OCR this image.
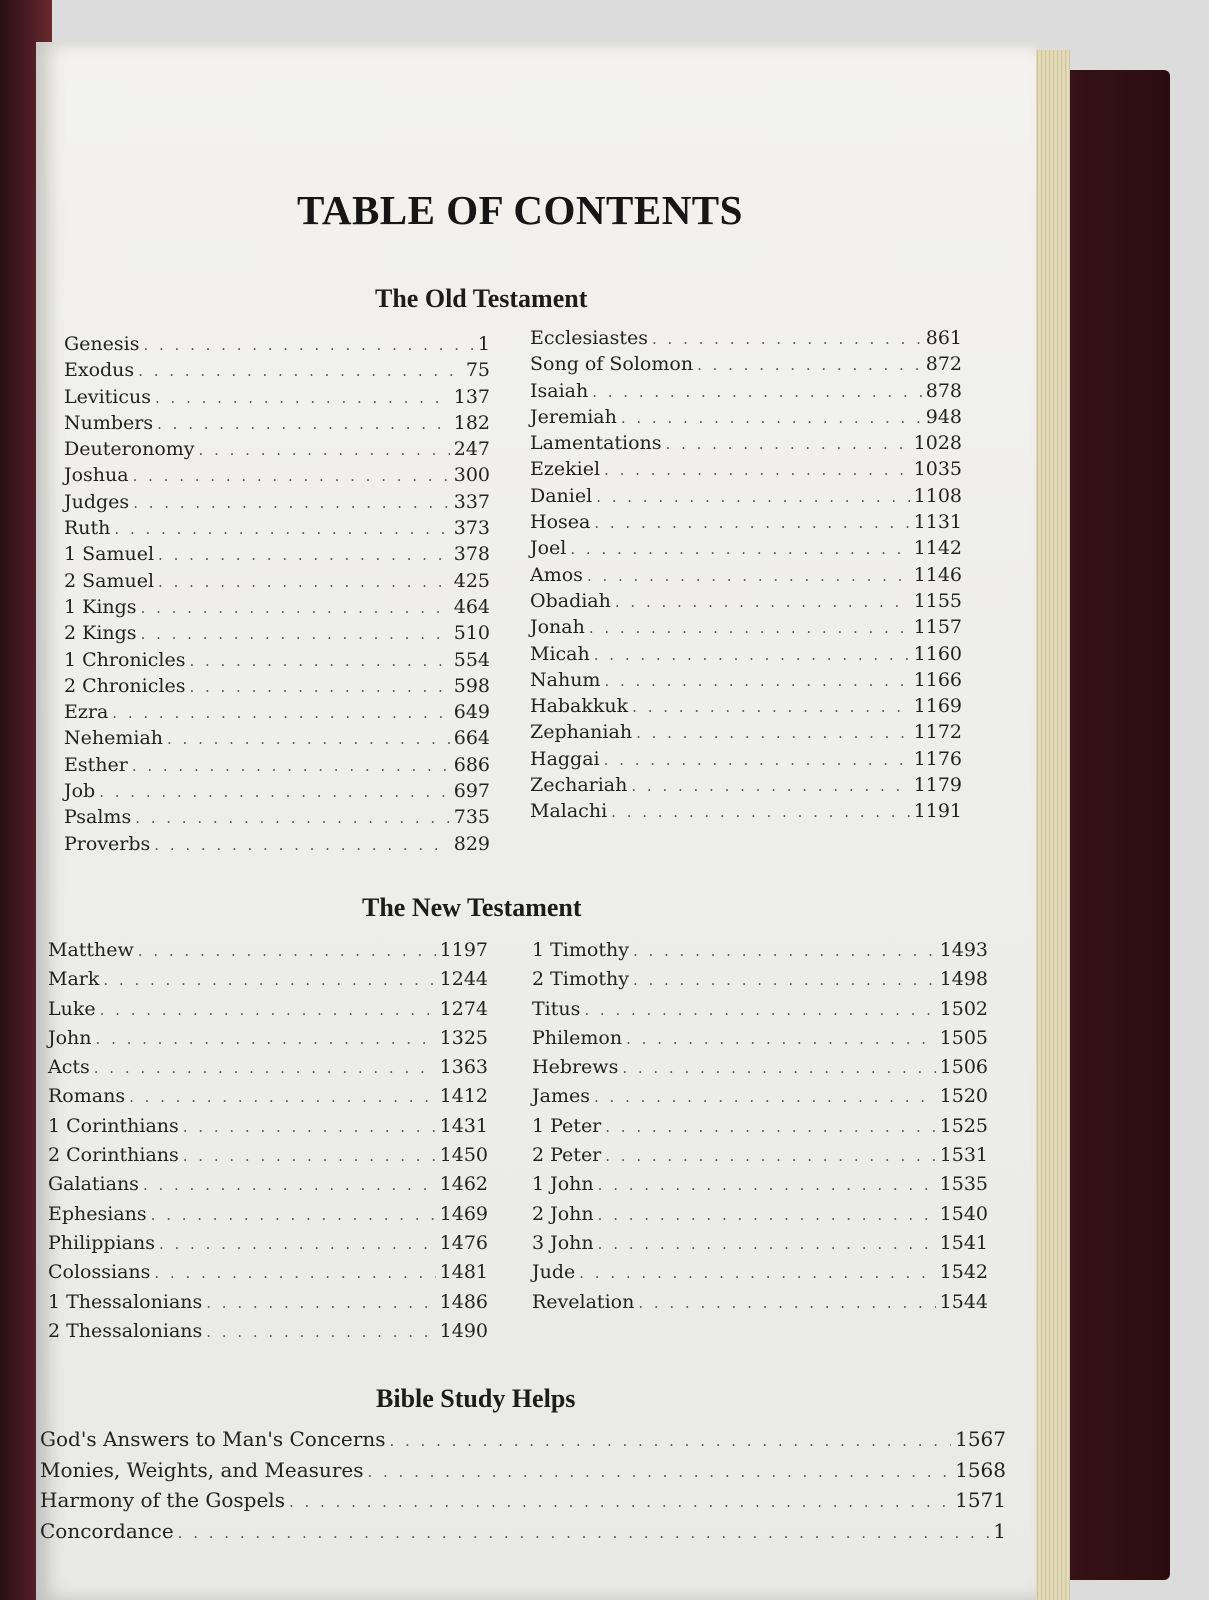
TABLE OF CONTENTS
The Old Testament
Genesis . . .	1
Exodus . . .	75
Leviticus . . .	137
Numbers . . .	182
Deuteronomy . . .	247
Joshua . . .	300
Judges . . .	337
Ruth . . .	373
1 Samuel . . .	378
2 Samuel . . .	425
1 Kings . . .	464
2 Kings . . .	510
1 Chronicles . . .	554
2 Chronicles . . .	598
Ezra . . .	649
Nehemiah . . .	664
Esther . . .	686
Job . . .	697
Psalms . . .	735
Proverbs . . .	829
Ecclesiastes . . .	861
Song of Solomon . . .	872
Isaiah . . .	878
Jeremiah . . .	948
Lamentations . . .	1028
Ezekiel . . .	1035
Daniel . . .	1108
Hosea . . .	1131
Joel . . .	1142
Amos . . .	1146
Obadiah . . .	1155
Jonah . . .	1157
Micah . . .	1160
Nahum . . .	1166
Habakkuk . . .	1169
Zephaniah . . .	1172
Haggai . . .	1176
Zechariah . . .	1179
Malachi . . .	1191
The New Testament
Matthew . . .	1197
Mark . . .	1244
Luke . . .	1274
John . . .	1325
Acts . . .	1363
Romans . . .	1412
1 Corinthians . . .	1431
2 Corinthians . . .	1450
Galatians . . .	1462
Ephesians . . .	1469
Philippians . . .	1476
Colossians . . .	1481
1 Thessalonians . . .	1486
2 Thessalonians . . .	1490
1 Timothy . . .	1493
2 Timothy . . .	1498
Titus . . .	1502
Philemon . . .	1505
Hebrews . . .	1506
James . . .	1520
1 Peter . . .	1525
2 Peter . . .	1531
1 John . . .	1535
2 John . . .	1540
3 John . . .	1541
Jude . . .	1542
Revelation . . .	1544
Bible Study Helps
God's Answers to Man's Concerns . . .	1567
Monies, Weights, and Measures . . .	1568
Harmony of the Gospels . . .	1571
Concordance . . .	1
